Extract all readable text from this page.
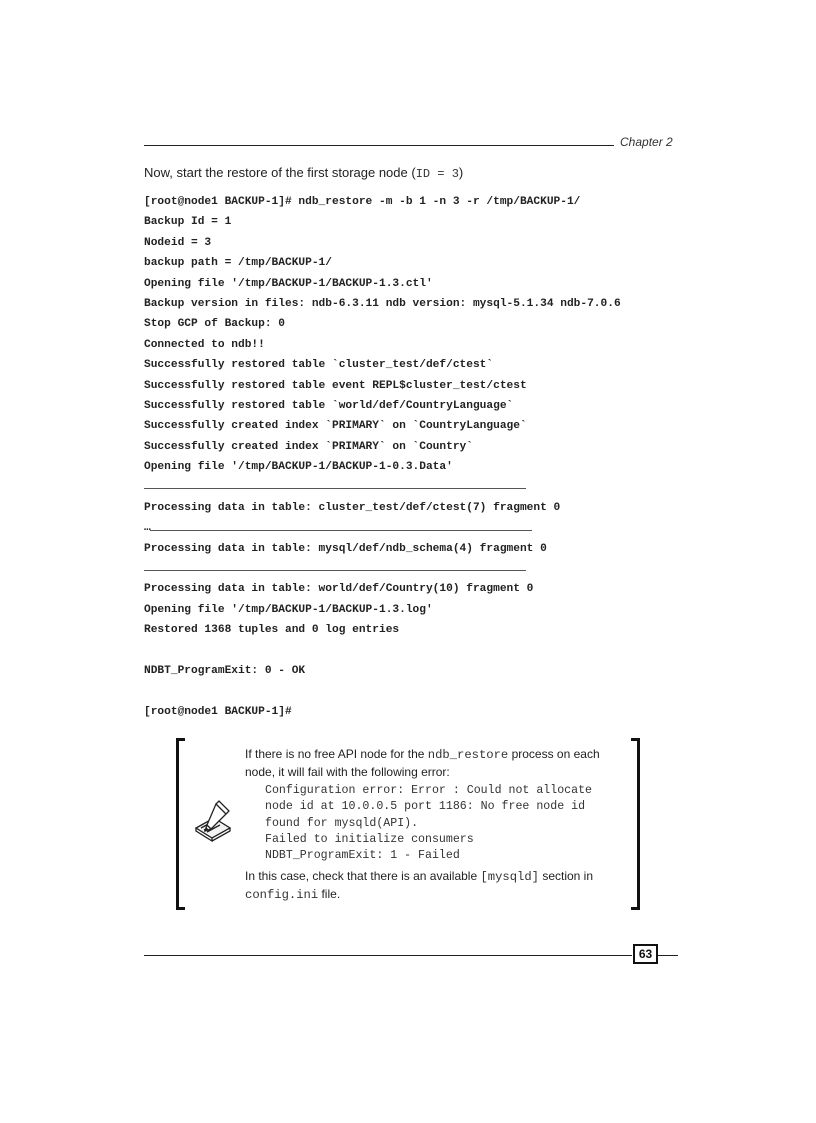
Chapter 2
Now, start the restore of the first storage node (ID = 3)
[root@node1 BACKUP-1]# ndb_restore -m -b 1 -n 3 -r /tmp/BACKUP-1/
Backup Id = 1
Nodeid = 3
backup path = /tmp/BACKUP-1/
Opening file '/tmp/BACKUP-1/BACKUP-1.3.ctl'
Backup version in files: ndb-6.3.11 ndb version: mysql-5.1.34 ndb-7.0.6
Stop GCP of Backup: 0
Connected to ndb!!
Successfully restored table `cluster_test/def/ctest`
Successfully restored table event REPL$cluster_test/ctest
Successfully restored table `world/def/CountryLanguage`
Successfully created index `PRIMARY` on `CountryLanguage`
Successfully created index `PRIMARY` on `Country`
Opening file '/tmp/BACKUP-1/BACKUP-1-0.3.Data'
Processing data in table: cluster_test/def/ctest(7) fragment 0
…
Processing data in table: mysql/def/ndb_schema(4) fragment 0
Processing data in table: world/def/Country(10) fragment 0
Opening file '/tmp/BACKUP-1/BACKUP-1.3.log'
Restored 1368 tuples and 0 log entries
NDBT_ProgramExit: 0 - OK
[root@node1 BACKUP-1]#
If there is no free API node for the ndb_restore process on each node, it will fail with the following error:
Configuration error: Error : Could not allocate
node id at 10.0.0.5 port 1186: No free node id
found for mysqld(API).
Failed to initialize consumers
NDBT_ProgramExit: 1 - Failed
In this case, check that there is an available [mysqld] section in
config.ini file.
63
